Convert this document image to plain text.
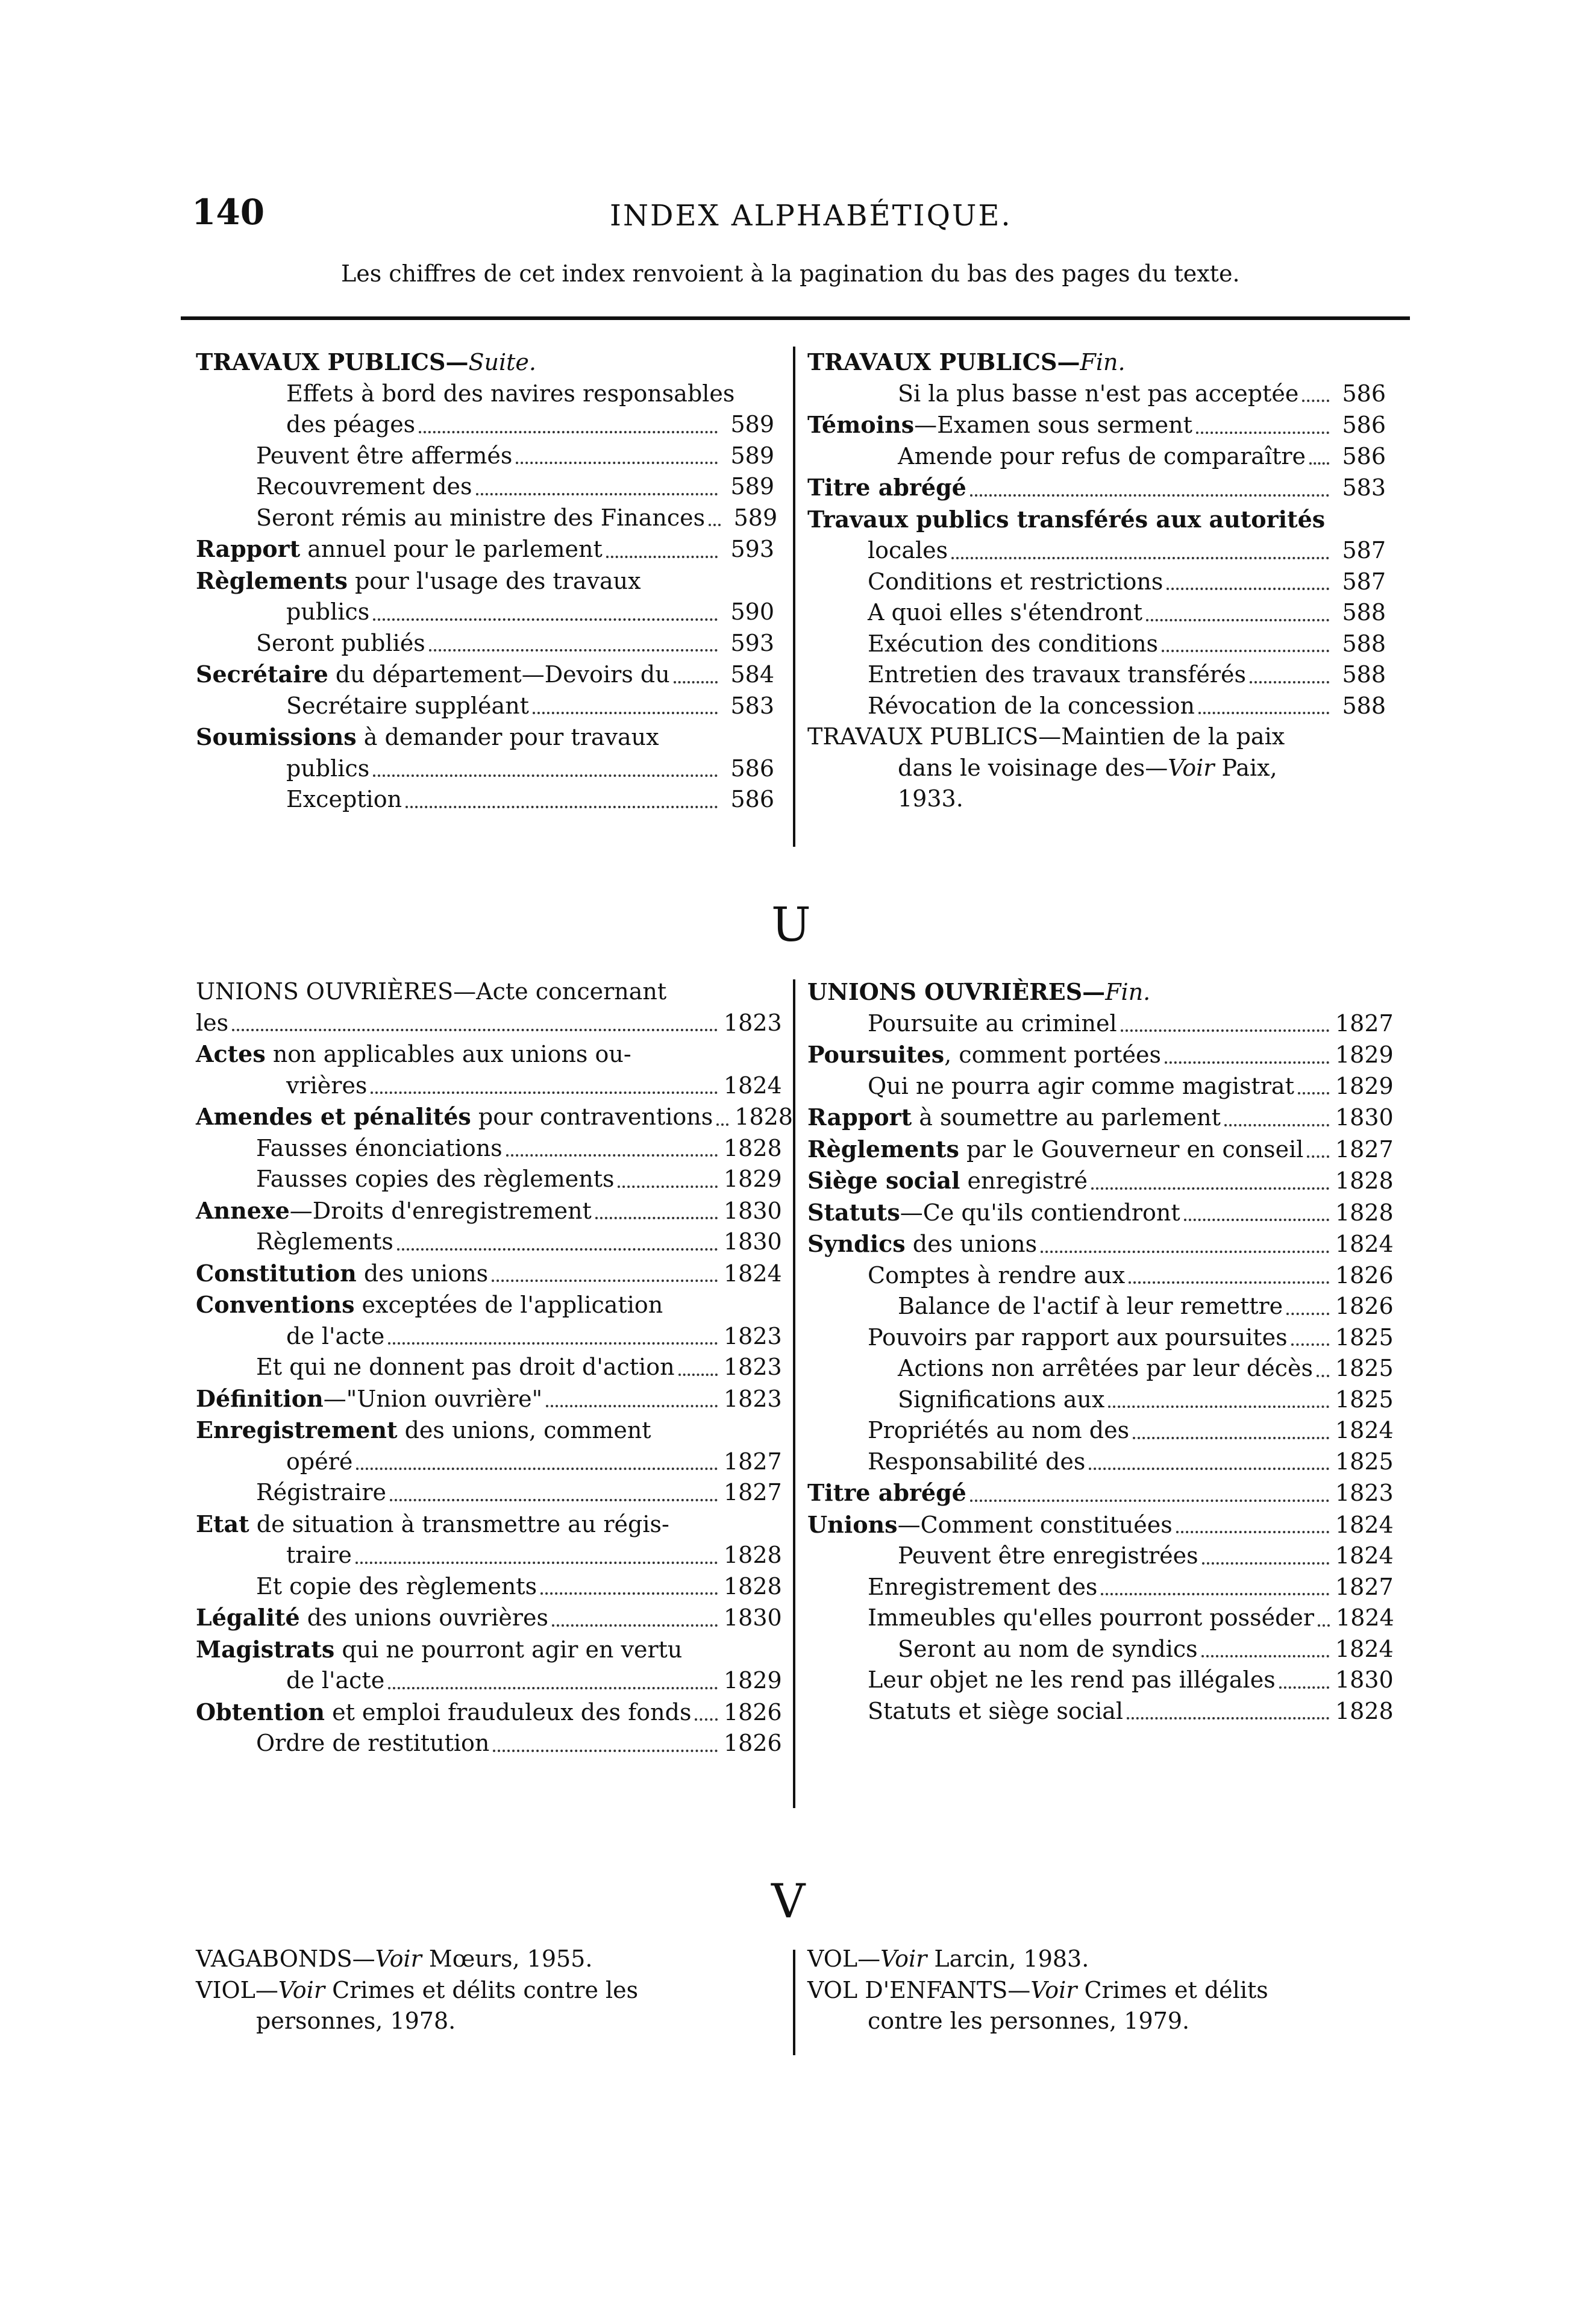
140	INDEX ALPHABÉTIQUE.
Les chiffres de cet index renvoient à la pagination du bas des pages du texte.
TRAVAUX PUBLICS—Suite.
Effets à bord des navires responsables
des péages	589
Peuvent être affermés	589
Recouvrement des	589
Seront rémis au ministre des Finances	589
Rapport annuel pour le parlement	593
Règlements pour l'usage des travaux
publics	590
Seront publiés	593
Secrétaire du département—Devoirs du	584
Secrétaire suppléant	583
Soumissions à demander pour travaux
publics	586
Exception	586
TRAVAUX PUBLICS—Fin.
Si la plus basse n'est pas acceptée	586
Témoins—Examen sous serment	586
Amende pour refus de comparaître	586
Titre abrégé	583
Travaux publics transférés aux autorités
locales	587
Conditions et restrictions	587
A quoi elles s'étendront	588
Exécution des conditions	588
Entretien des travaux transférés	588
Révocation de la concession	588
TRAVAUX PUBLICS—Maintien de la paix
dans le voisinage des—Voir Paix,
1933.
U
UNIONS OUVRIÈRES—Acte concernant
les	1823
Actes non applicables aux unions ou-
vrières	1824
Amendes et pénalités pour contraventions 1828
Fausses énonciations	1828
Fausses copies des règlements	1829
Annexe—Droits d'enregistrement	1830
Règlements	1830
Constitution des unions	1824
Conventions exceptées de l'application
de l'acte	1823
Et qui ne donnent pas droit d'action 1823
Définition—"Union ouvrière"	1823
Enregistrement des unions, comment
opéré	1827
Régistraire	1827
Etat de situation à transmettre au régis-
traire	1828
Et copie des règlements	1828
Légalité des unions ouvrières	1830
Magistrats qui ne pourront agir en vertu
de l'acte	1829
Obtention et emploi frauduleux des fonds 1826
Ordre de restitution	1826
UNIONS OUVRIÈRES—Fin.
Poursuite au criminel	1827
Poursuites, comment portées	1829
Qui ne pourra agir comme magistrat 1829
Rapport à soumettre au parlement	1830
Règlements par le Gouverneur en conseil 1827
Siège social enregistré	1828
Statuts—Ce qu'ils contiendront	1828
Syndics des unions	1824
Comptes à rendre aux	1826
Balance de l'actif à leur remettre 1826
Pouvoirs par rapport aux poursuites 1825
Actions non arrêtées par leur décès 1825
Significations aux	1825
Propriétés au nom des	1824
Responsabilité des	1825
Titre abrégé	1823
Unions—Comment constituées	1824
Peuvent être enregistrées	1824
Enregistrement des	1827
Immeubles qu'elles pourront posséder 1824
Seront au nom de syndics	1824
Leur objet ne les rend pas illégales	1830
Statuts et siège social	1828
V
VAGABONDS—Voir Mœurs, 1955.
VIOL—Voir Crimes et délits contre les
personnes, 1978.
VOL—Voir Larcin, 1983.
VOL D'ENFANTS—Voir Crimes et délits
contre les personnes, 1979.
